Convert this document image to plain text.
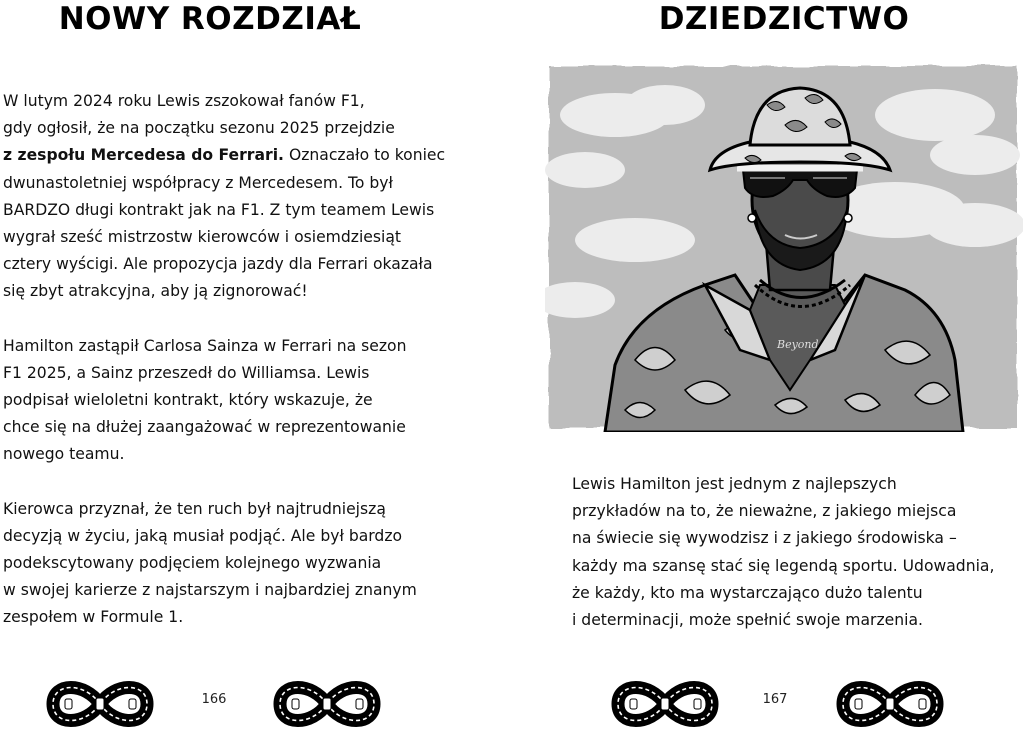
NOWY ROZDZIAŁ

W lutym 2024 roku Lewis zszokował fanów F1,
gdy ogłosił, że na początku sezonu 2025 przejdzie
z zespołu Mercedesa do Ferrari. Oznaczało to koniec
dwunastoletniej współpracy z Mercedesem. To był
BARDZO długi kontrakt jak na F1. Z tym teamem Lewis
wygrał sześć mistrzostw kierowców i osiemdziesiąt
cztery wyścigi. Ale propozycja jazdy dla Ferrari okazała
się zbyt atrakcyjna, aby ją zignorować!

Hamilton zastąpił Carlosa Sainza w Ferrari na sezon
F1 2025, a Sainz przeszedł do Williamsa. Lewis
podpisał wieloletni kontrakt, który wskazuje, że
chce się na dłużej zaangażować w reprezentowanie
nowego teamu.

Kierowca przyznał, że ten ruch był najtrudniejszą
decyzją w życiu, jaką musiał podjąć. Ale był bardzo
podekscytowany podjęciem kolejnego wyzwania
w swojej karierze z najstarszym i najbardziej znanym
zespołem w Formule 1.

166
DZIEDZICTWO
Beyond

Lewis Hamilton jest jednym z najlepszych
przykładów na to, że nieważne, z jakiego miejsca
na świecie się wywodzisz i z jakiego środowiska –
każdy ma szansę stać się legendą sportu. Udowadnia,
że każdy, kto ma wystarczająco dużo talentu
i determinacji, może spełnić swoje marzenia.

167
